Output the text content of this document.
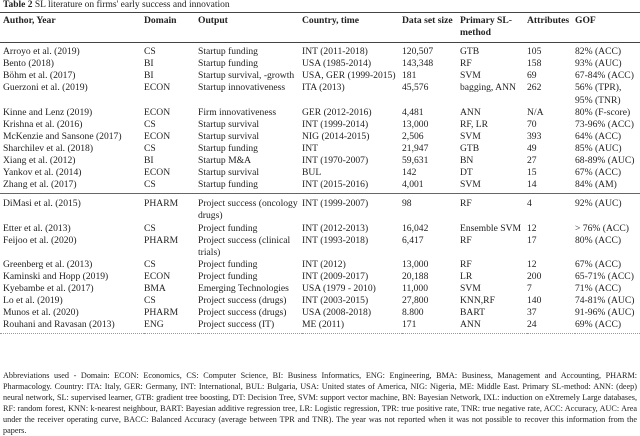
Table 2 SL literature on firms' early success and innovation
Author, Year	Domain	Output	Country, time	Data set size	Primary SL-method	Attributes	GOF
Arroyo et al. (2019)	CS	Startup funding	INT (2011-2018)	120,507	GTB	105	82% (ACC)
Bento (2018)	BI	Startup funding	USA (1985-2014)	143,348	RF	158	93% (AUC)
Böhm et al. (2017)	BI	Startup survival, -growth	USA, GER (1999-2015)	181	SVM	69	67-84% (ACC)
Guerzoni et al. (2019)	ECON	Startup innovativeness	ITA (2013)	45,576	bagging, ANN	262	56% (TPR), 95% (TNR)
Kinne and Lenz (2019)	ECON	Firm innovativeness	GER (2012-2016)	4,481	ANN	N/A	80% (F-score)
Krishna et al. (2016)	CS	Startup survival	INT (1999-2014)	13,000	RF, LR	70	73-96% (ACC)
McKenzie and Sansone (2017)	ECON	Startup survival	NIG (2014-2015)	2,506	SVM	393	64% (ACC)
Sharchilev et al. (2018)	CS	Startup funding	INT	21,947	GTB	49	85% (AUC)
Xiang et al. (2012)	BI	Startup M&A	INT (1970-2007)	59,631	BN	27	68-89% (AUC)
Yankov et al. (2014)	ECON	Startup survival	BUL	142	DT	15	67% (ACC)
Zhang et al. (2017)	CS	Startup funding	INT (2015-2016)	4,001	SVM	14	84% (AM)
DiMasi et al. (2015)	PHARM	Project success (oncology drugs)	INT (1999-2007)	98	RF	4	92% (AUC)
Etter et al. (2013)	CS	Project funding	INT (2012-2013)	16,042	Ensemble SVM	12	> 76% (ACC)
Feijoo et al. (2020)	PHARM	Project success (clinical trials)	INT (1993-2018)	6,417	RF	17	80% (ACC)
Greenberg et al. (2013)	CS	Project funding	INT (2012)	13,000	RF	12	67% (ACC)
Kaminski and Hopp (2019)	ECON	Project funding	INT (2009-2017)	20,188	LR	200	65-71% (ACC)
Kyebambe et al. (2017)	BMA	Emerging Technologies	USA (1979 - 2010)	11,000	SVM	7	71% (ACC)
Lo et al. (2019)	CS	Project success (drugs)	INT (2003-2015)	27,800	KNN,RF	140	74-81% (AUC)
Munos et al. (2020)	PHARM	Project success (drugs)	USA (2008-2018)	8.800	BART	37	91-96% (AUC)
Rouhani and Ravasan (2013)	ENG	Project success (IT)	ME (2011)	171	ANN	24	69% (ACC)
Abbreviations used - Domain: ECON: Economics, CS: Computer Science, BI: Business Informatics, ENG: Engineering, BMA: Business, Management and Accounting, PHARM: Pharmacology. Country: ITA: Italy, GER: Germany, INT: International, BUL: Bulgaria, USA: United states of America, NIG: Nigeria, ME: Middle East. Primary SL-method: ANN: (deep) neural network, SL: supervised learner, GTB: gradient tree boosting, DT: Decision Tree, SVM: support vector machine, BN: Bayesian Network, IXL: induction on eXtremely Large databases, RF: random forest, KNN: k-nearest neighbour, BART: Bayesian additive regression tree, LR: Logistic regression, TPR: true positive rate, TNR: true negative rate, ACC: Accuracy, AUC: Area under the receiver operating curve, BACC: Balanced Accuracy (average between TPR and TNR). The year was not reported when it was not possible to recover this information from the papers.
